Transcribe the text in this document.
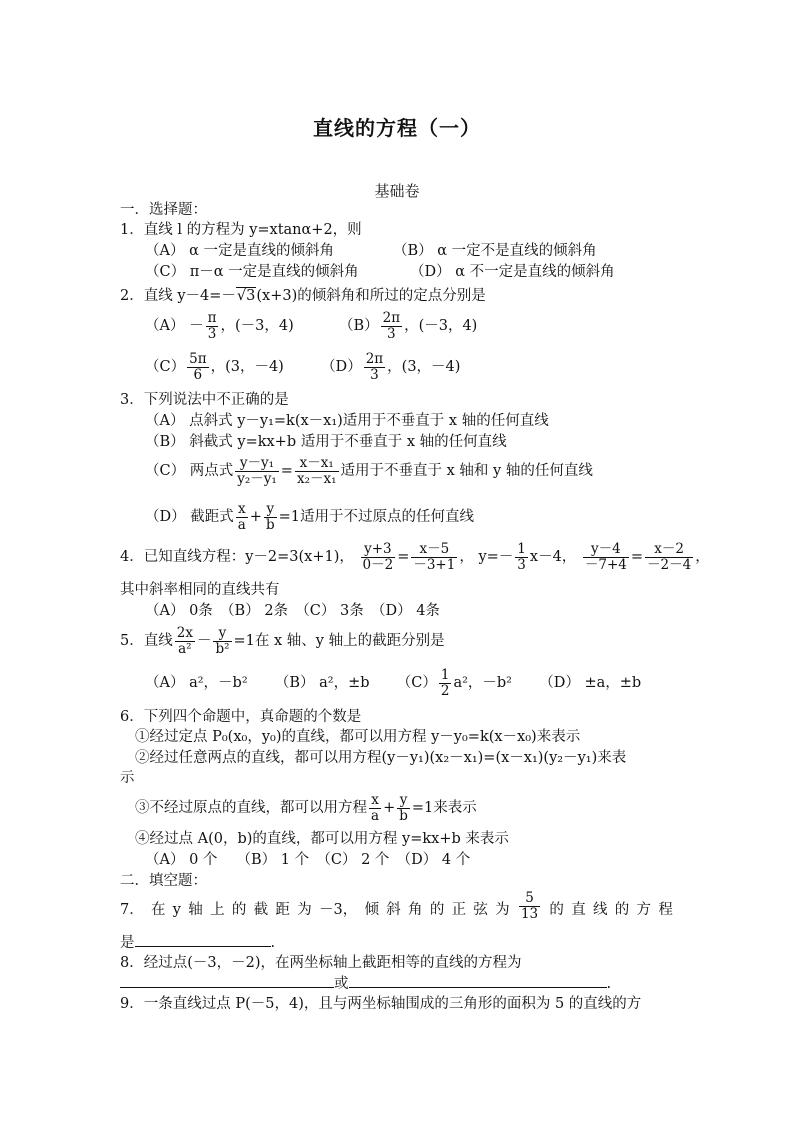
直线的方程（一）
基础卷
一．选择题：
1．直线 l 的方程为 y=xtanα+2，则
（A） α 一定是直线的倾斜角	（B） α 一定不是直线的倾斜角
（C） π－α 一定是直线的倾斜角	（D） α 不一定是直线的倾斜角
2．直线 y－4=－√3(x+3)的倾斜角和所过的定点分别是
$(A) - \frac{\pi}{3}$ ，(－3，4)	$(B) \frac{2\pi}{3}$ ，(－3，4)
$(C) \frac{5\pi}{6}$ ，(3，－4)	$(D) \frac{2\pi}{3}$ ，(3，－4)
3．下列说法中不正确的是
（A） 点斜式 y－y₁=k(x－x₁)适用于不垂直于 x 轴的任何直线
（B） 斜截式 y=kx+b 适用于不垂直于 x 轴的任何直线
（C） 两点式 $\frac{\text{y－y₁}}{\text{y₂－y₁}} = \frac{\text{x－x₁}}{\text{x₂－x₁}}$ 适用于不垂直于 x 轴和 y 轴的任何直线
（D） 截距式 $\frac{x}{a} + \frac{y}{b} =1$适用于不过原点的任何直线
4．已知直线方程：y－2=3(x+1)， $\frac{y+3}{0-2} = \frac{x-5}{-3+1}$ ， $y=- \frac{1}{3} x-4$， $\frac{y-4}{-7+4} = \frac{x-2}{-2-4}$ ，
其中斜率相同的直线共有
（A） 0条　（B） 2条　（C） 3条　（D） 4条
5．直线 $\frac{2x}{\text{a²}} - \frac{y}{\text{b²}} =1$在 x 轴、y 轴上的截距分别是
（A） a²，－b² （B） a²，±b $(C) \frac{1}{2} a^2$，－b² （D） ±a，±b
6．下列四个命题中，真命题的个数是
①经过定点 P₀(x₀，y₀)的直线，都可以用方程 y－y₀=k(x－x₀)来表示
②经过任意两点的直线，都可以用方程(y－y₁)(x₂－x₁)=(x－x₁)(y₂－y₁)来表
示
③不经过原点的直线，都可以用方程 $\frac{x}{a} + \frac{y}{b} =1$来表示
④经过点 A(0，b)的直线，都可以用方程 y=kx+b 来表示
（A） 0 个　 （B） 1 个　（C） 2 个　（D） 4 个
二．填空题：
7． 在 y 轴 上 的 截 距 为 －3， 倾 斜 角 的 正 弦 为 $\frac{5}{13}$ 的 直 线 的 方 程
是	.
8．经过点(－3，－2)，在两坐标轴上截距相等的直线的方程为
或	.
9．一条直线过点 P(－5，4)，且与两坐标轴围成的三角形的面积为 5 的直线的方
